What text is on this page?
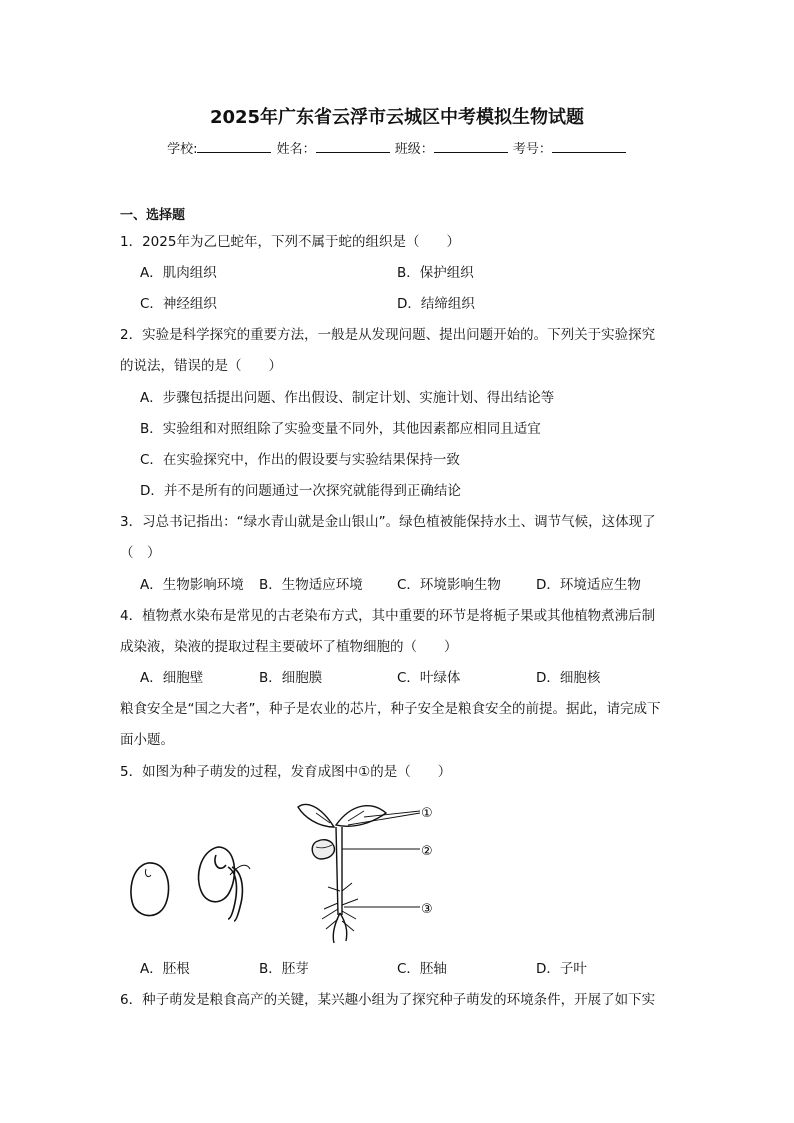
2025年广东省云浮市云城区中考模拟生物试题
学校:	姓名：	班级：	考号：
一、选择题
1．2025年为乙巳蛇年，下列不属于蛇的组织是（　　）
A．肌肉组织	B．保护组织
C．神经组织	D．结缔组织
2．实验是科学探究的重要方法，一般是从发现问题、提出问题开始的。下列关于实验探究
的说法，错误的是（　　）
A．步骤包括提出问题、作出假设、制定计划、实施计划、得出结论等
B．实验组和对照组除了实验变量不同外，其他因素都应相同且适宜
C．在实验探究中，作出的假设要与实验结果保持一致
D．并不是所有的问题通过一次探究就能得到正确结论
3．习总书记指出：“绿水青山就是金山银山”。绿色植被能保持水土、调节气候，这体现了
（　）
A．生物影响环境 B．生物适应环境	C．环境影响生物	D．环境适应生物
4．植物煮水染布是常见的古老染布方式，其中重要的环节是将栀子果或其他植物煮沸后制
成染液，染液的提取过程主要破坏了植物细胞的（　　）
A．细胞壁	B．细胞膜	C．叶绿体	D．细胞核
粮食安全是“国之大者”，种子是农业的芯片，种子安全是粮食安全的前提。据此，请完成下
面小题。
5．如图为种子萌发的过程，发育成图中①的是（　　）
①
②
③
A．胚根	B．胚芽	C．胚轴	D．子叶
6．种子萌发是粮食高产的关键，某兴趣小组为了探究种子萌发的环境条件，开展了如下实
